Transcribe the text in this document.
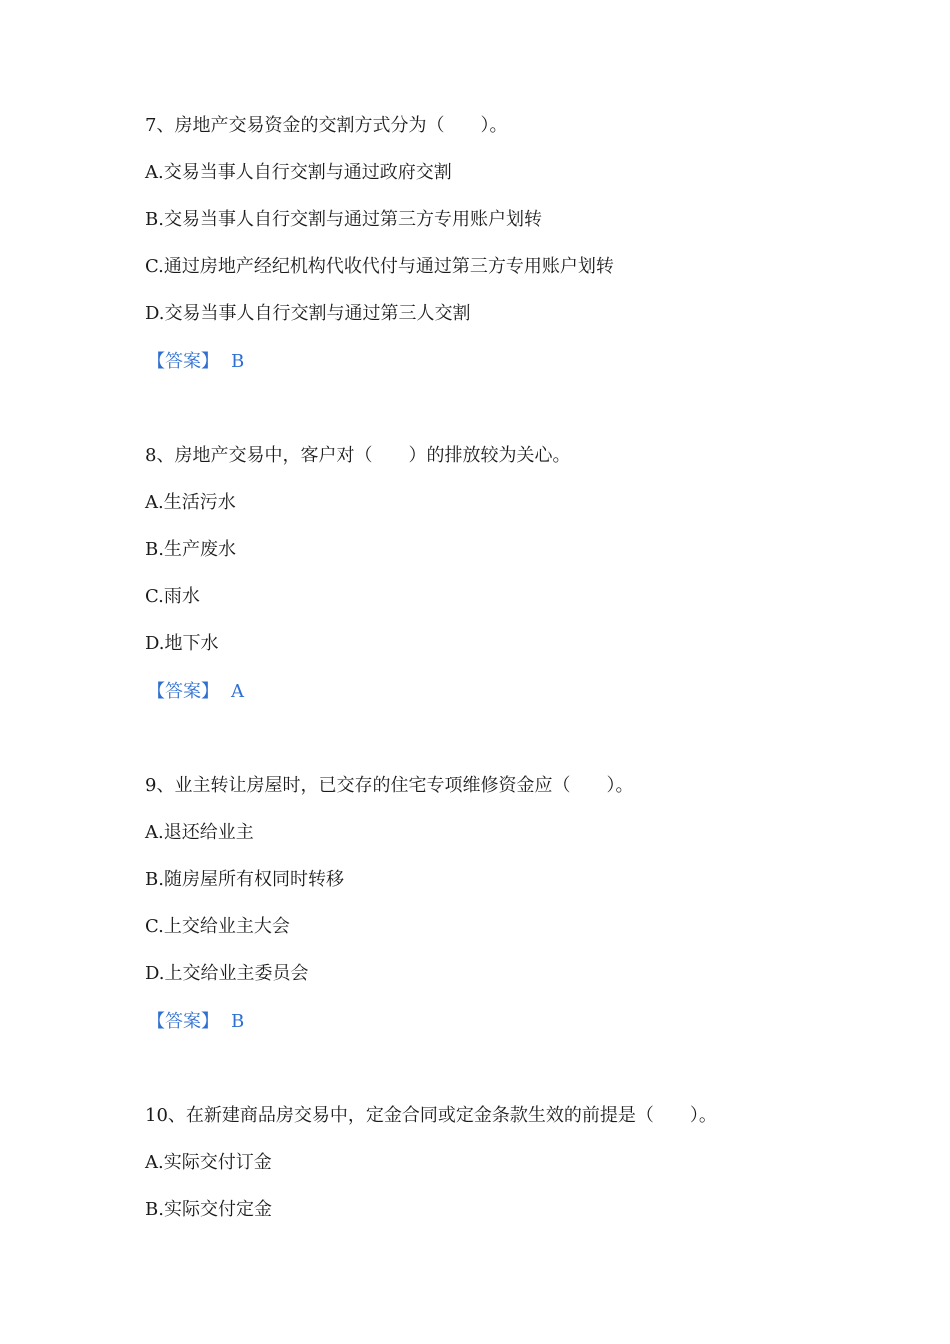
7、房地产交易资金的交割方式分为（　　）。
A.交易当事人自行交割与通过政府交割
B.交易当事人自行交割与通过第三方专用账户划转
C.通过房地产经纪机构代收代付与通过第三方专用账户划转
D.交易当事人自行交割与通过第三人交割
【答案】 B
8、房地产交易中，客户对（　　）的排放较为关心。
A.生活污水
B.生产废水
C.雨水
D.地下水
【答案】 A
9、业主转让房屋时，已交存的住宅专项维修资金应（　　）。
A.退还给业主
B.随房屋所有权同时转移
C.上交给业主大会
D.上交给业主委员会
【答案】 B
10、在新建商品房交易中，定金合同或定金条款生效的前提是（　　）。
A.实际交付订金
B.实际交付定金
